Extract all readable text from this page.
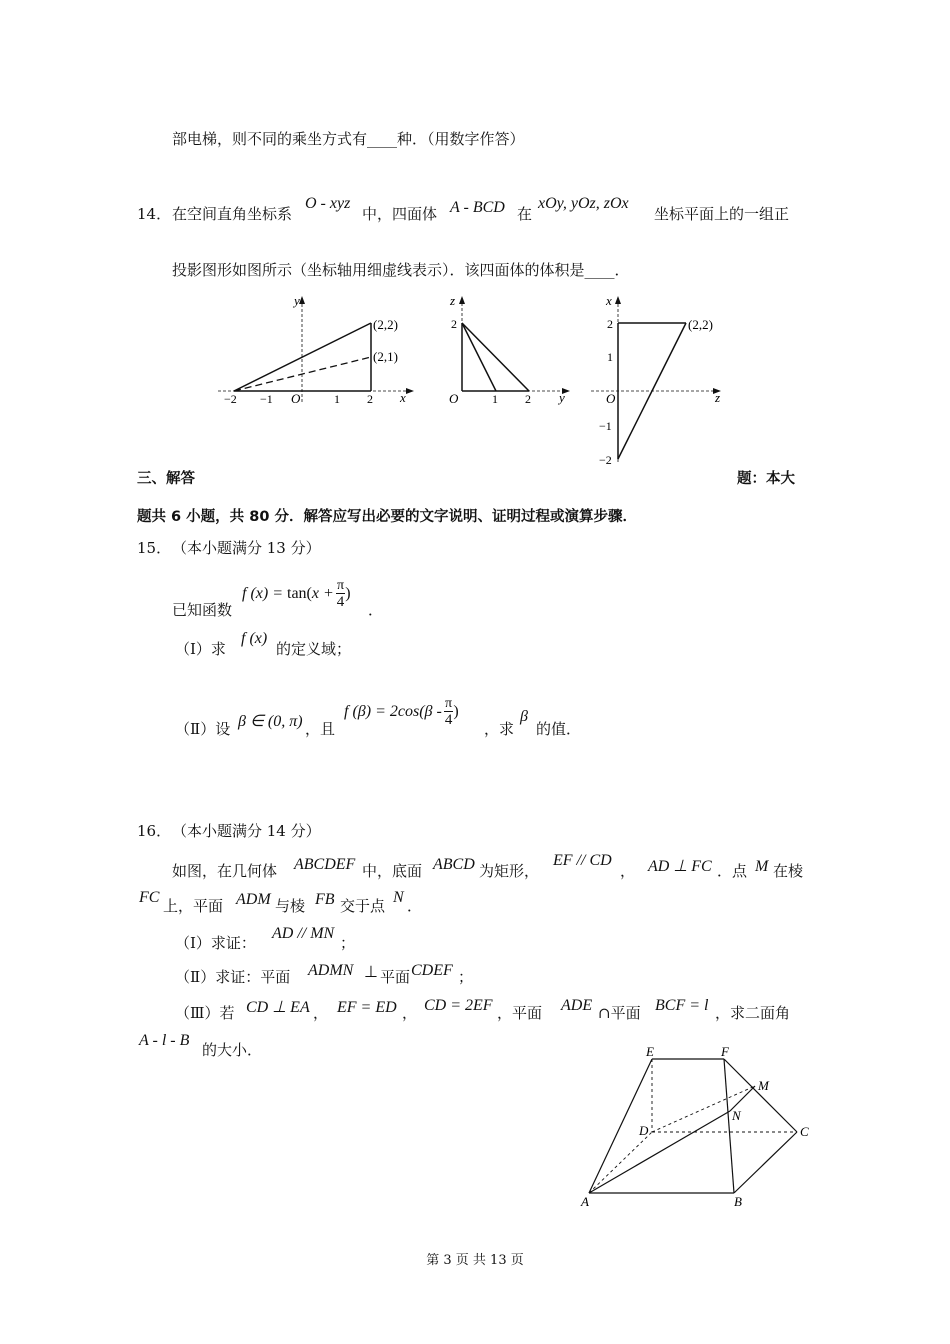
部电梯，则不同的乘坐方式有____种．（用数字作答）
14． 在空间直角坐标系
O - xyz
中，四面体 A - BCD 在
xOy, yOz, zOx
坐标平面上的一组正
投影图形如图所示（坐标轴用细虚线表示）．该四面体的体积是____．
y
x
O
−2 −1	1 2
(2,2)
(2,1)
z
y
O	1 2
2
x
z
O
2
1
−1
−2
(2,2)
三、解答	题：本大
题共 6 小题，共 80 分．解答应写出必要的文字说明、证明过程或演算步骤．
15． （本小题满分 13 分）
已知函数
f (x) = tan( $x + \frac{\pi}{4}$ )
．
（Ⅰ）求
f (x)
的定义域；
（Ⅱ）设 β ∈ (0, π) ，且
f $(\beta) = 2\cos(\beta - \frac{\pi}{4}$ )
，求
β
的值．
16． （本小题满分 14 分）
如图，在几何体 ABCDEF 中，底面 ABCD 为矩形，
EF // CD
， AD ⊥ FC ．点 M 在棱
FC 上，平面 ADM 与棱 FB 交于点 N ．
（Ⅰ）求证：
AD // MN
；
（Ⅱ）求证：平面 ADMN ⊥ 平面 CDEF ；
（Ⅲ）若 CD ⊥ EA ， EF = ED ， CD = 2EF ，平面 ADE ∩平面 BCF = l ，求二面角
A - l - B
的大小．	E	F
M
N
D	C
A	B
第 3 页 共 13 页
